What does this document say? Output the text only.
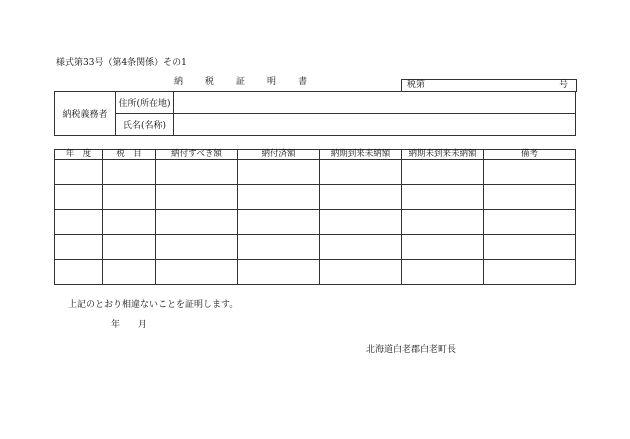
様式第33号（第4条関係）その1
納 税 証 明 書	税第	号
納税義務者	住所(所在地)	
	氏名(名称)	
年　度	税　目	納付すべき額	納付済額	納期到来未納額	納期未到来未納額	備考

上記のとおり相違ないことを証明します。
年 月
北海道白老郡白老町長
